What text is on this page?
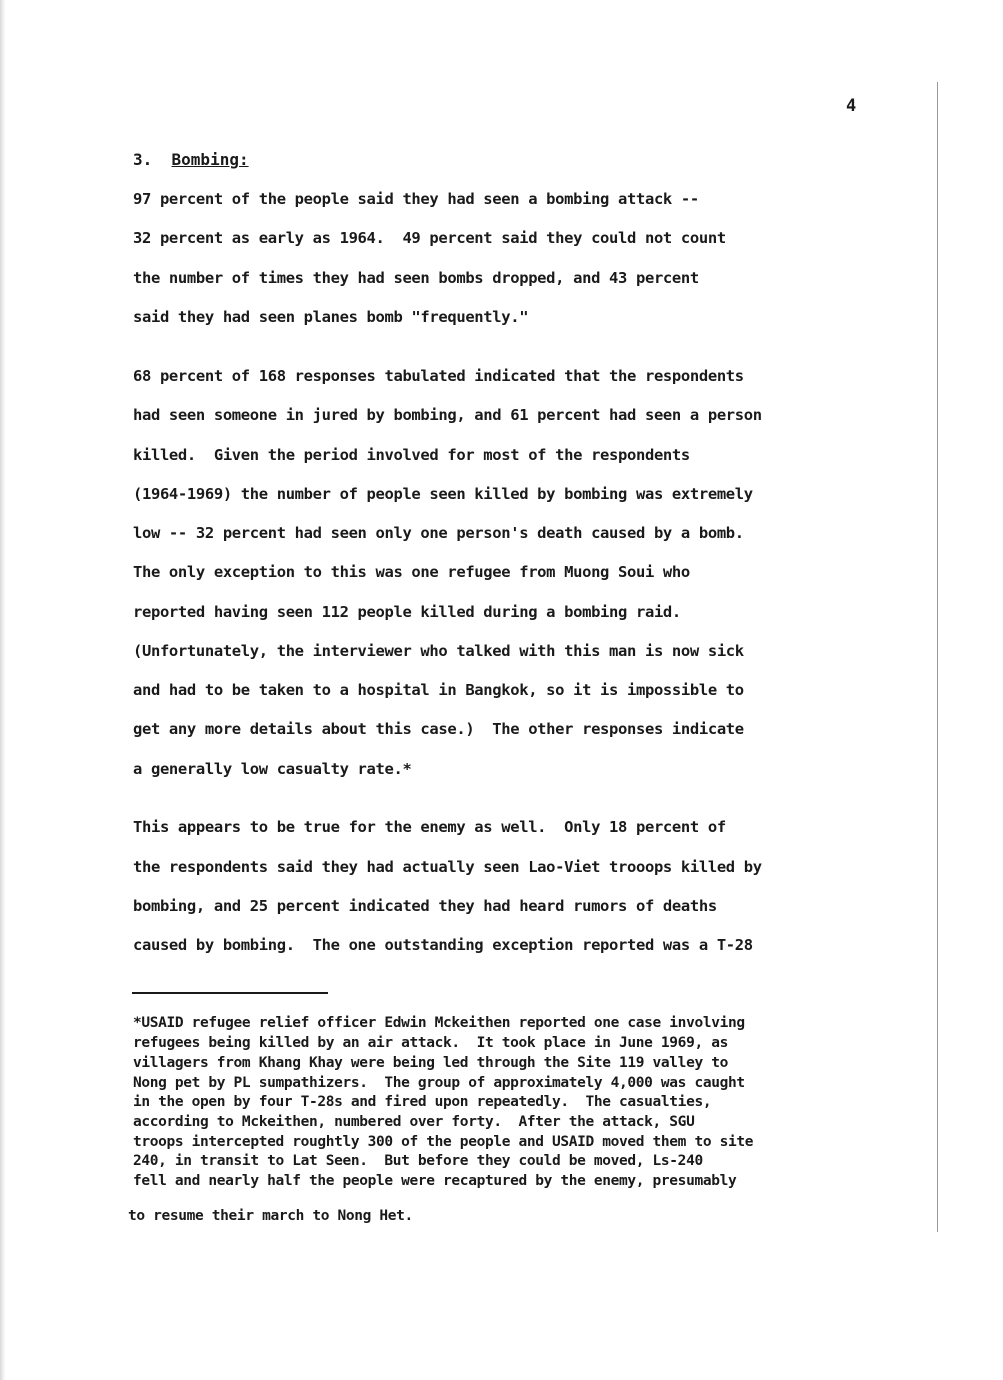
4
3. Bombing:
97 percent of the people said they had seen a bombing attack --
32 percent as early as 1964.  49 percent said they could not count
the number of times they had seen bombs dropped, and 43 percent
said they had seen planes bomb "frequently."
68 percent of 168 responses tabulated indicated that the respondents
had seen someone in jured by bombing, and 61 percent had seen a person
killed.  Given the period involved for most of the respondents
(1964-1969) the number of people seen killed by bombing was extremely
low -- 32 percent had seen only one person's death caused by a bomb.
The only exception to this was one refugee from Muong Soui who
reported having seen 112 people killed during a bombing raid.
(Unfortunately, the interviewer who talked with this man is now sick
and had to be taken to a hospital in Bangkok, so it is impossible to
get any more details about this case.)  The other responses indicate
a generally low casualty rate.*
This appears to be true for the enemy as well.  Only 18 percent of
the respondents said they had actually seen Lao-Viet trooops killed by
bombing, and 25 percent indicated they had heard rumors of deaths
caused by bombing.  The one outstanding exception reported was a T-28
*USAID refugee relief officer Edwin Mckeithen reported one case involving
refugees being killed by an air attack.  It took place in June 1969, as
villagers from Khang Khay were being led through the Site 119 valley to
Nong pet by PL sumpathizers.  The group of approximately 4,000 was caught
in the open by four T-28s and fired upon repeatedly.  The casualties,
according to Mckeithen, numbered over forty.  After the attack, SGU
troops intercepted roughtly 300 of the people and USAID moved them to site
240, in transit to Lat Seen.  But before they could be moved, Ls-240
fell and nearly half the people were recaptured by the enemy, presumably
to resume their march to Nong Het.
